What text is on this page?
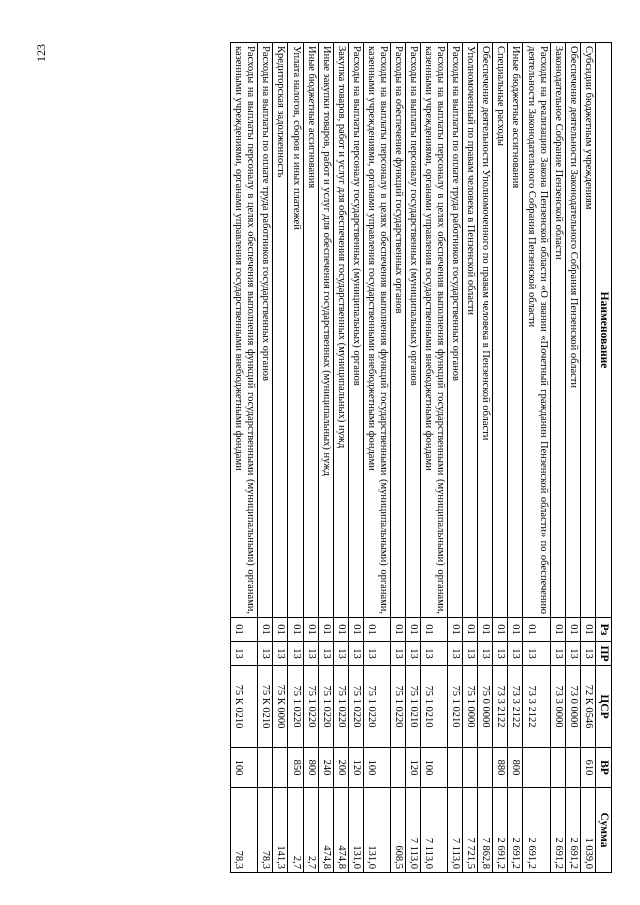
123
Наименование	Рз	ПР	ЦСР	ВР	Сумма
Субсидии бюджетным учреждениям	01	13	72 К 0546	610	1 039,0
Обеспечение деятельности Законодательного Собрания Пензенской области	01	13	73 0 0000		2 691,2
Законодательное Собрание Пензенской области	01	13	73 3 0000		2 691,2
Расходы на реализацию Закона Пензенской области «О звании «Почетный гражданин Пензенской области» по обеспечению деятельности Законодательного Собрания Пензенской области	01	13	73 3 2122		2 691,2
Иные бюджетные ассигнования	01	13	73 3 2122	800	2 691,2
Специальные расходы	01	13	73 3 2122	880	2 691,2
Обеспечение деятельности Уполномоченного по правам человека в Пензенской области	01	13	75 0 0000		7 862,8
Уполномоченный по правам человека в Пензенской области	01	13	75 1 0000		7 721,5
Расходы на выплаты по оплате труда работников государственных органов	01	13	75 1 0210		7 113,0
Расходы на выплаты персоналу в целях обеспечения выполнения функций государственными (муниципальными) органами, казенными учреждениями, органами управления государственными внебюджетными фондами	01	13	75 1 0210	100	7 113,0
Расходы на выплаты персоналу государственных (муниципальных) органов	01	13	75 1 0210	120	7 113,0
Расходы на обеспечение функций государственных органов	01	13	75 1 0220		608,5
Расходы на выплаты персоналу в целях обеспечения выполнения функций государственными (муниципальными) органами, казенными учреждениями, органами управления государственными внебюджетными фондами	01	13	75 1 0220	100	131,0
Расходы на выплаты персоналу государственных (муниципальных) органов	01	13	75 1 0220	120	131,0
Закупка товаров, работ и услуг для обеспечения государственных (муниципальных) нужд	01	13	75 1 0220	200	474,8
Иные закупки товаров, работ и услуг для обеспечения государственных (муниципальных) нужд	01	13	75 1 0220	240	474,8
Иные бюджетные ассигнования	01	13	75 1 0220	800	2,7
Уплата налогов, сборов и иных платежей	01	13	75 1 0220	850	2,7
Кредиторская задолженность	01	13	75 К 0000		141,3
Расходы на выплаты по оплате труда работников государственных органов	01	13	75 К 0210		78,3
Расходы на выплаты персоналу в целях обеспечения выполнения функций государственными (муниципальными) органами, казенными учреждениями, органами управления государственными внебюджетными фондами	01	13	75 К 0210	100	78,3
